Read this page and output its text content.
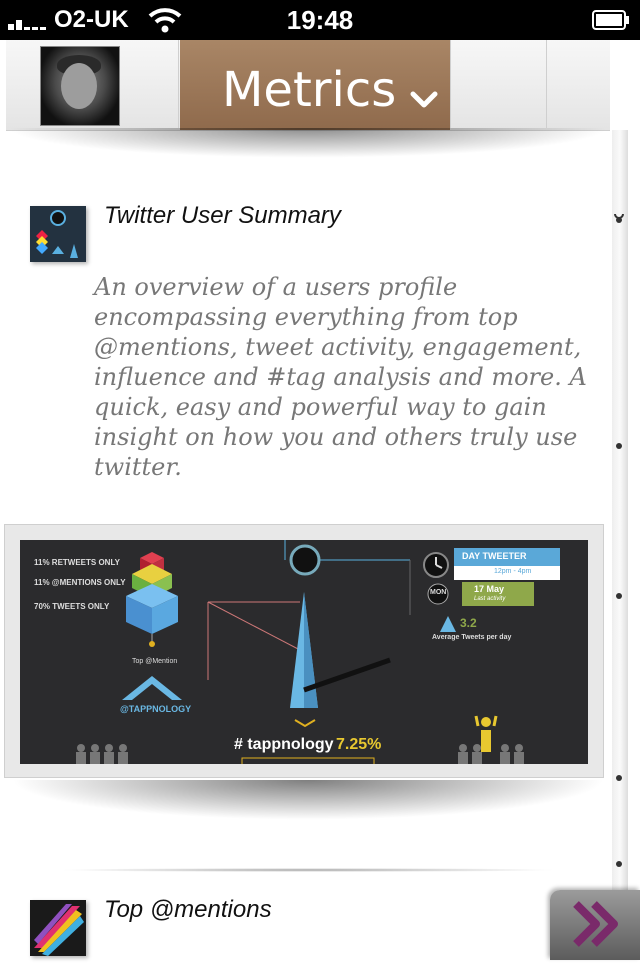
O2-UK	19:48
Metrics
Twitter User Summary
An overview of a users profile encompassing everything from top @mentions, tweet activity, engagement, influence and #tag analysis and more. A quick, easy and powerful way to gain insight on how you and others truly use twitter.
11% RETWEETS ONLY
11% @MENTIONS ONLY
70% TWEETS ONLY
Top @Mention
@TAPPNOLOGY
DAY TWEETER
12pm - 4pm
MON	17 May
Last activity
3.2
Average Tweets per day
# tappnology 7.25%
Top @mentions
